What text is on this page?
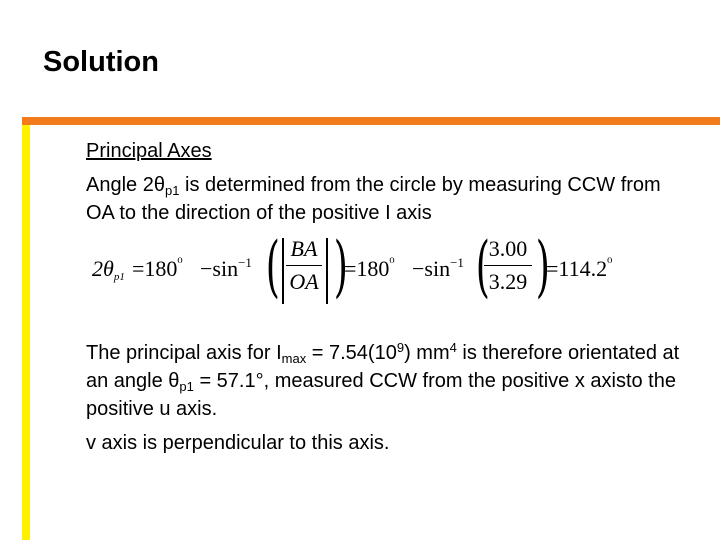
Solution
Principal Axes
Angle $2\theta_{p1}$ is determined from the circle by measuring CCW from OA to the direction of the positive I axis
$2\theta_{p1} =180^{^0} -\sin^{-1}$ ( $\frac{BA}{OA}$ )
$=180^{^0} -\sin^{-1}$ (
$\frac{3.00}{3.29}$ )
$=114.2^{^0}$
The principal axis for $I_{max} = 7.54(10^9)$ $mm^4$ is therefore orientated at an angle $\theta_{p1} = 57.1^\circ$, measured CCW from the positive x axisto the positive u axis.
v axis is perpendicular to this axis.
